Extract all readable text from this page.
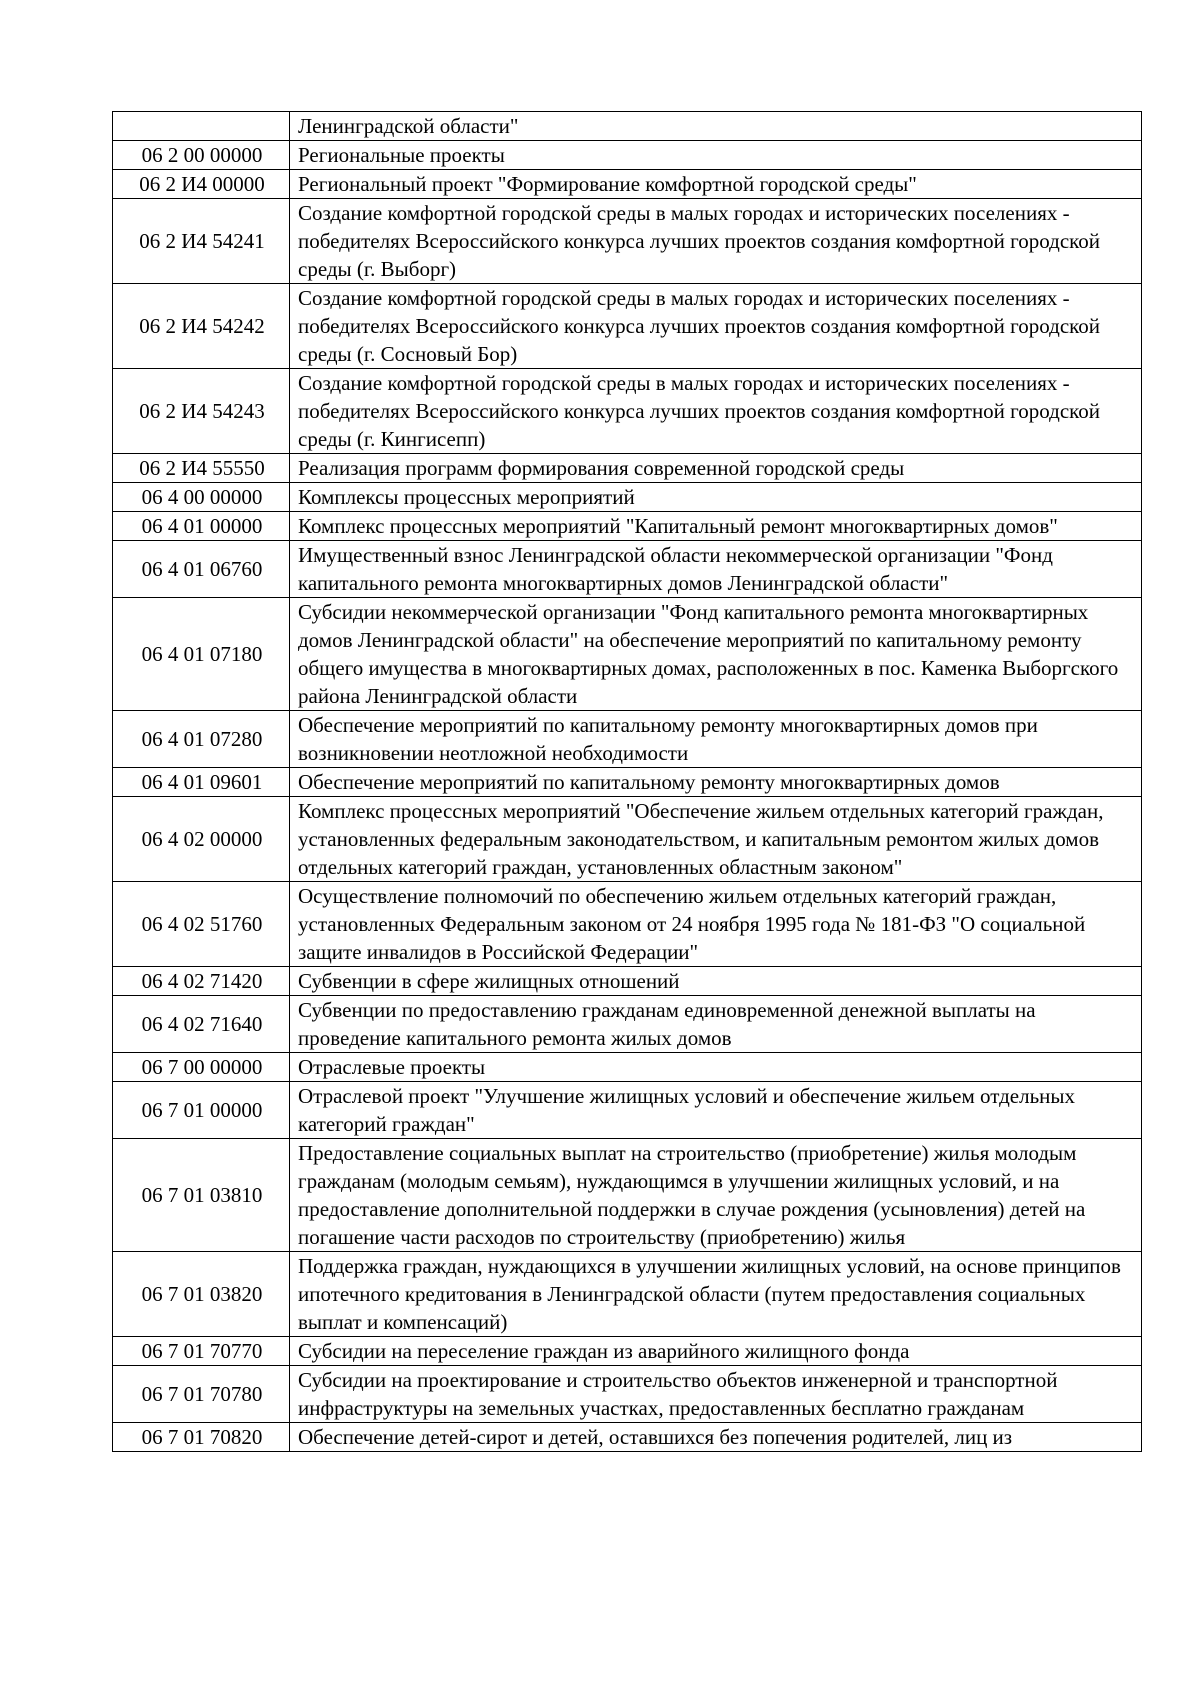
	Ленинградской области"
06 2 00 00000	Региональные проекты
06 2 И4 00000	Региональный проект "Формирование комфортной городской среды"
06 2 И4 54241	Создание комфортной городской среды в малых городах и исторических поселениях - победителях Всероссийского конкурса лучших проектов создания комфортной городской среды (г. Выборг)
06 2 И4 54242	Создание комфортной городской среды в малых городах и исторических поселениях - победителях Всероссийского конкурса лучших проектов создания комфортной городской среды (г. Сосновый Бор)
06 2 И4 54243	Создание комфортной городской среды в малых городах и исторических поселениях - победителях Всероссийского конкурса лучших проектов создания комфортной городской среды (г. Кингисепп)
06 2 И4 55550	Реализация программ формирования современной городской среды
06 4 00 00000	Комплексы процессных мероприятий
06 4 01 00000	Комплекс процессных мероприятий "Капитальный ремонт многоквартирных домов"
06 4 01 06760	Имущественный взнос Ленинградской области некоммерческой организации "Фонд капитального ремонта многоквартирных домов Ленинградской области"
06 4 01 07180	Субсидии некоммерческой организации "Фонд капитального ремонта многоквартирных домов Ленинградской области" на обеспечение мероприятий по капитальному ремонту общего имущества в многоквартирных домах, расположенных в пос. Каменка Выборгского района Ленинградской области
06 4 01 07280	Обеспечение мероприятий по капитальному ремонту многоквартирных домов при возникновении неотложной необходимости
06 4 01 09601	Обеспечение мероприятий по капитальному ремонту многоквартирных домов
06 4 02 00000	Комплекс процессных мероприятий "Обеспечение жильем отдельных категорий граждан, установленных федеральным законодательством, и капитальным ремонтом жилых домов отдельных категорий граждан, установленных областным законом"
06 4 02 51760	Осуществление полномочий по обеспечению жильем отдельных категорий граждан, установленных Федеральным законом от 24 ноября 1995 года № 181-ФЗ "О социальной защите инвалидов в Российской Федерации"
06 4 02 71420	Субвенции в сфере жилищных отношений
06 4 02 71640	Субвенции по предоставлению гражданам единовременной денежной выплаты на проведение капитального ремонта жилых домов
06 7 00 00000	Отраслевые проекты
06 7 01 00000	Отраслевой проект "Улучшение жилищных условий и обеспечение жильем отдельных категорий граждан"
06 7 01 03810	Предоставление социальных выплат на строительство (приобретение) жилья молодым гражданам (молодым семьям), нуждающимся в улучшении жилищных условий, и на предоставление дополнительной поддержки в случае рождения (усыновления) детей на погашение части расходов по строительству (приобретению) жилья
06 7 01 03820	Поддержка граждан, нуждающихся в улучшении жилищных условий, на основе принципов ипотечного кредитования в Ленинградской области (путем предоставления социальных выплат и компенсаций)
06 7 01 70770	Субсидии на переселение граждан из аварийного жилищного фонда
06 7 01 70780	Субсидии на проектирование и строительство объектов инженерной и транспортной инфраструктуры на земельных участках, предоставленных бесплатно гражданам
06 7 01 70820	Обеспечение детей-сирот и детей, оставшихся без попечения родителей, лиц из
